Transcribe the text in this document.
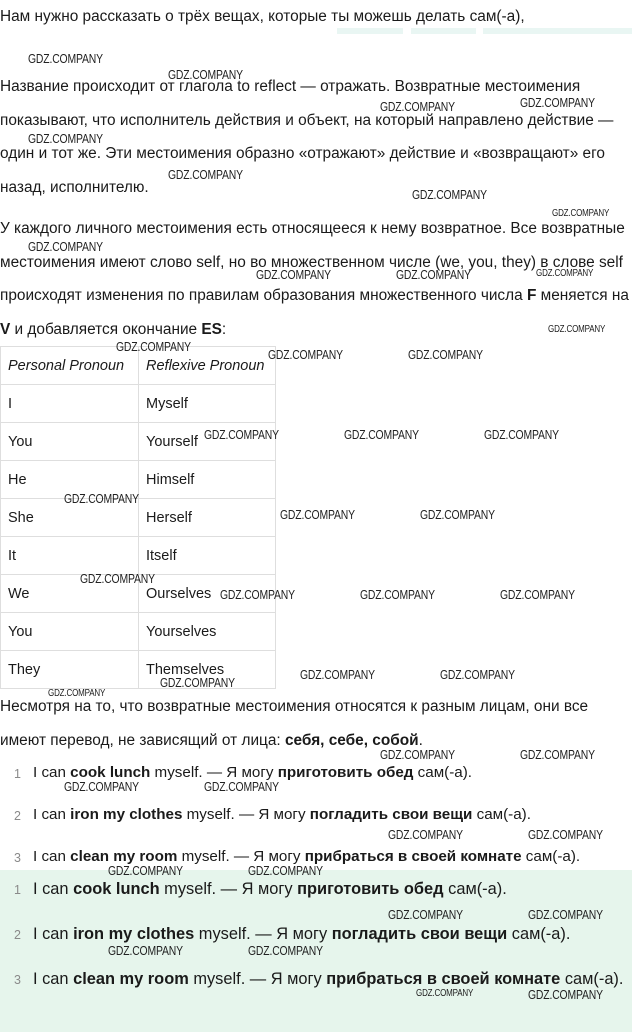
Нам нужно рассказать о трёх вещах, которые ты можешь делать сам(-а),
Название происходит от глагола to reflect — отражать. Возвратные местоимения показывают, что исполнитель действия и объект, на который направлено действие — один и тот же. Эти местоимения образно «отражают» действие и «возвращают» его назад, исполнителю.
У каждого личного местоимения есть относящееся к нему возвратное. Все возвратные местоимения имеют слово self, но во множественном числе (we, you, they) в слове self происходят изменения по правилам образования множественного числа F меняется на V и добавляется окончание ES:
Personal Pronoun	Reflexive Pronoun
I	Myself
You	Yourself
He	Himself
She	Herself
It	Itself
We	Ourselves
You	Yourselves
They	Themselves
Несмотря на то, что возвратные местоимения относятся к разным лицам, они все имеют перевод, не зависящий от лица: себя, себе, собой.
1 I can cook lunch myself. — Я могу приготовить обед сам(-а).
2 I can iron my clothes myself. — Я могу погладить свои вещи сам(-а).
3 I can clean my room myself. — Я могу прибраться в своей комнате сам(-а).
1 I can cook lunch myself. — Я могу приготовить обед сам(-а).
2 I can iron my clothes myself. — Я могу погладить свои вещи сам(-а).
3 I can clean my room myself. — Я могу прибраться в своей комнате сам(-а).
GDZ.COMPANY
GDZ.COMPANY
GDZ.COMPANY	GDZ.COMPANY
GDZ.COMPANY
GDZ.COMPANY
GDZ.COMPANY
GDZ.COMPANY
GDZ.COMPANY
GDZ.COMPANY	GDZ.COMPANY	GDZ.COMPANY
GDZ.COMPANY
GDZ.COMPANY
GDZ.COMPANY	GDZ.COMPANY
GDZ.COMPANY	GDZ.COMPANY	GDZ.COMPANY
GDZ.COMPANY
GDZ.COMPANY	GDZ.COMPANY
GDZ.COMPANY
GDZ.COMPANY	GDZ.COMPANY	GDZ.COMPANY
GDZ.COMPANY	GDZ.COMPANY
GDZ.COMPANY
GDZ.COMPANY
GDZ.COMPANY	GDZ.COMPANY
GDZ.COMPANY	GDZ.COMPANY
GDZ.COMPANY	GDZ.COMPANY
GDZ.COMPANY	GDZ.COMPANY
GDZ.COMPANY	GDZ.COMPANY
GDZ.COMPANY	GDZ.COMPANY
GDZ.COMPANY	GDZ.COMPANY
